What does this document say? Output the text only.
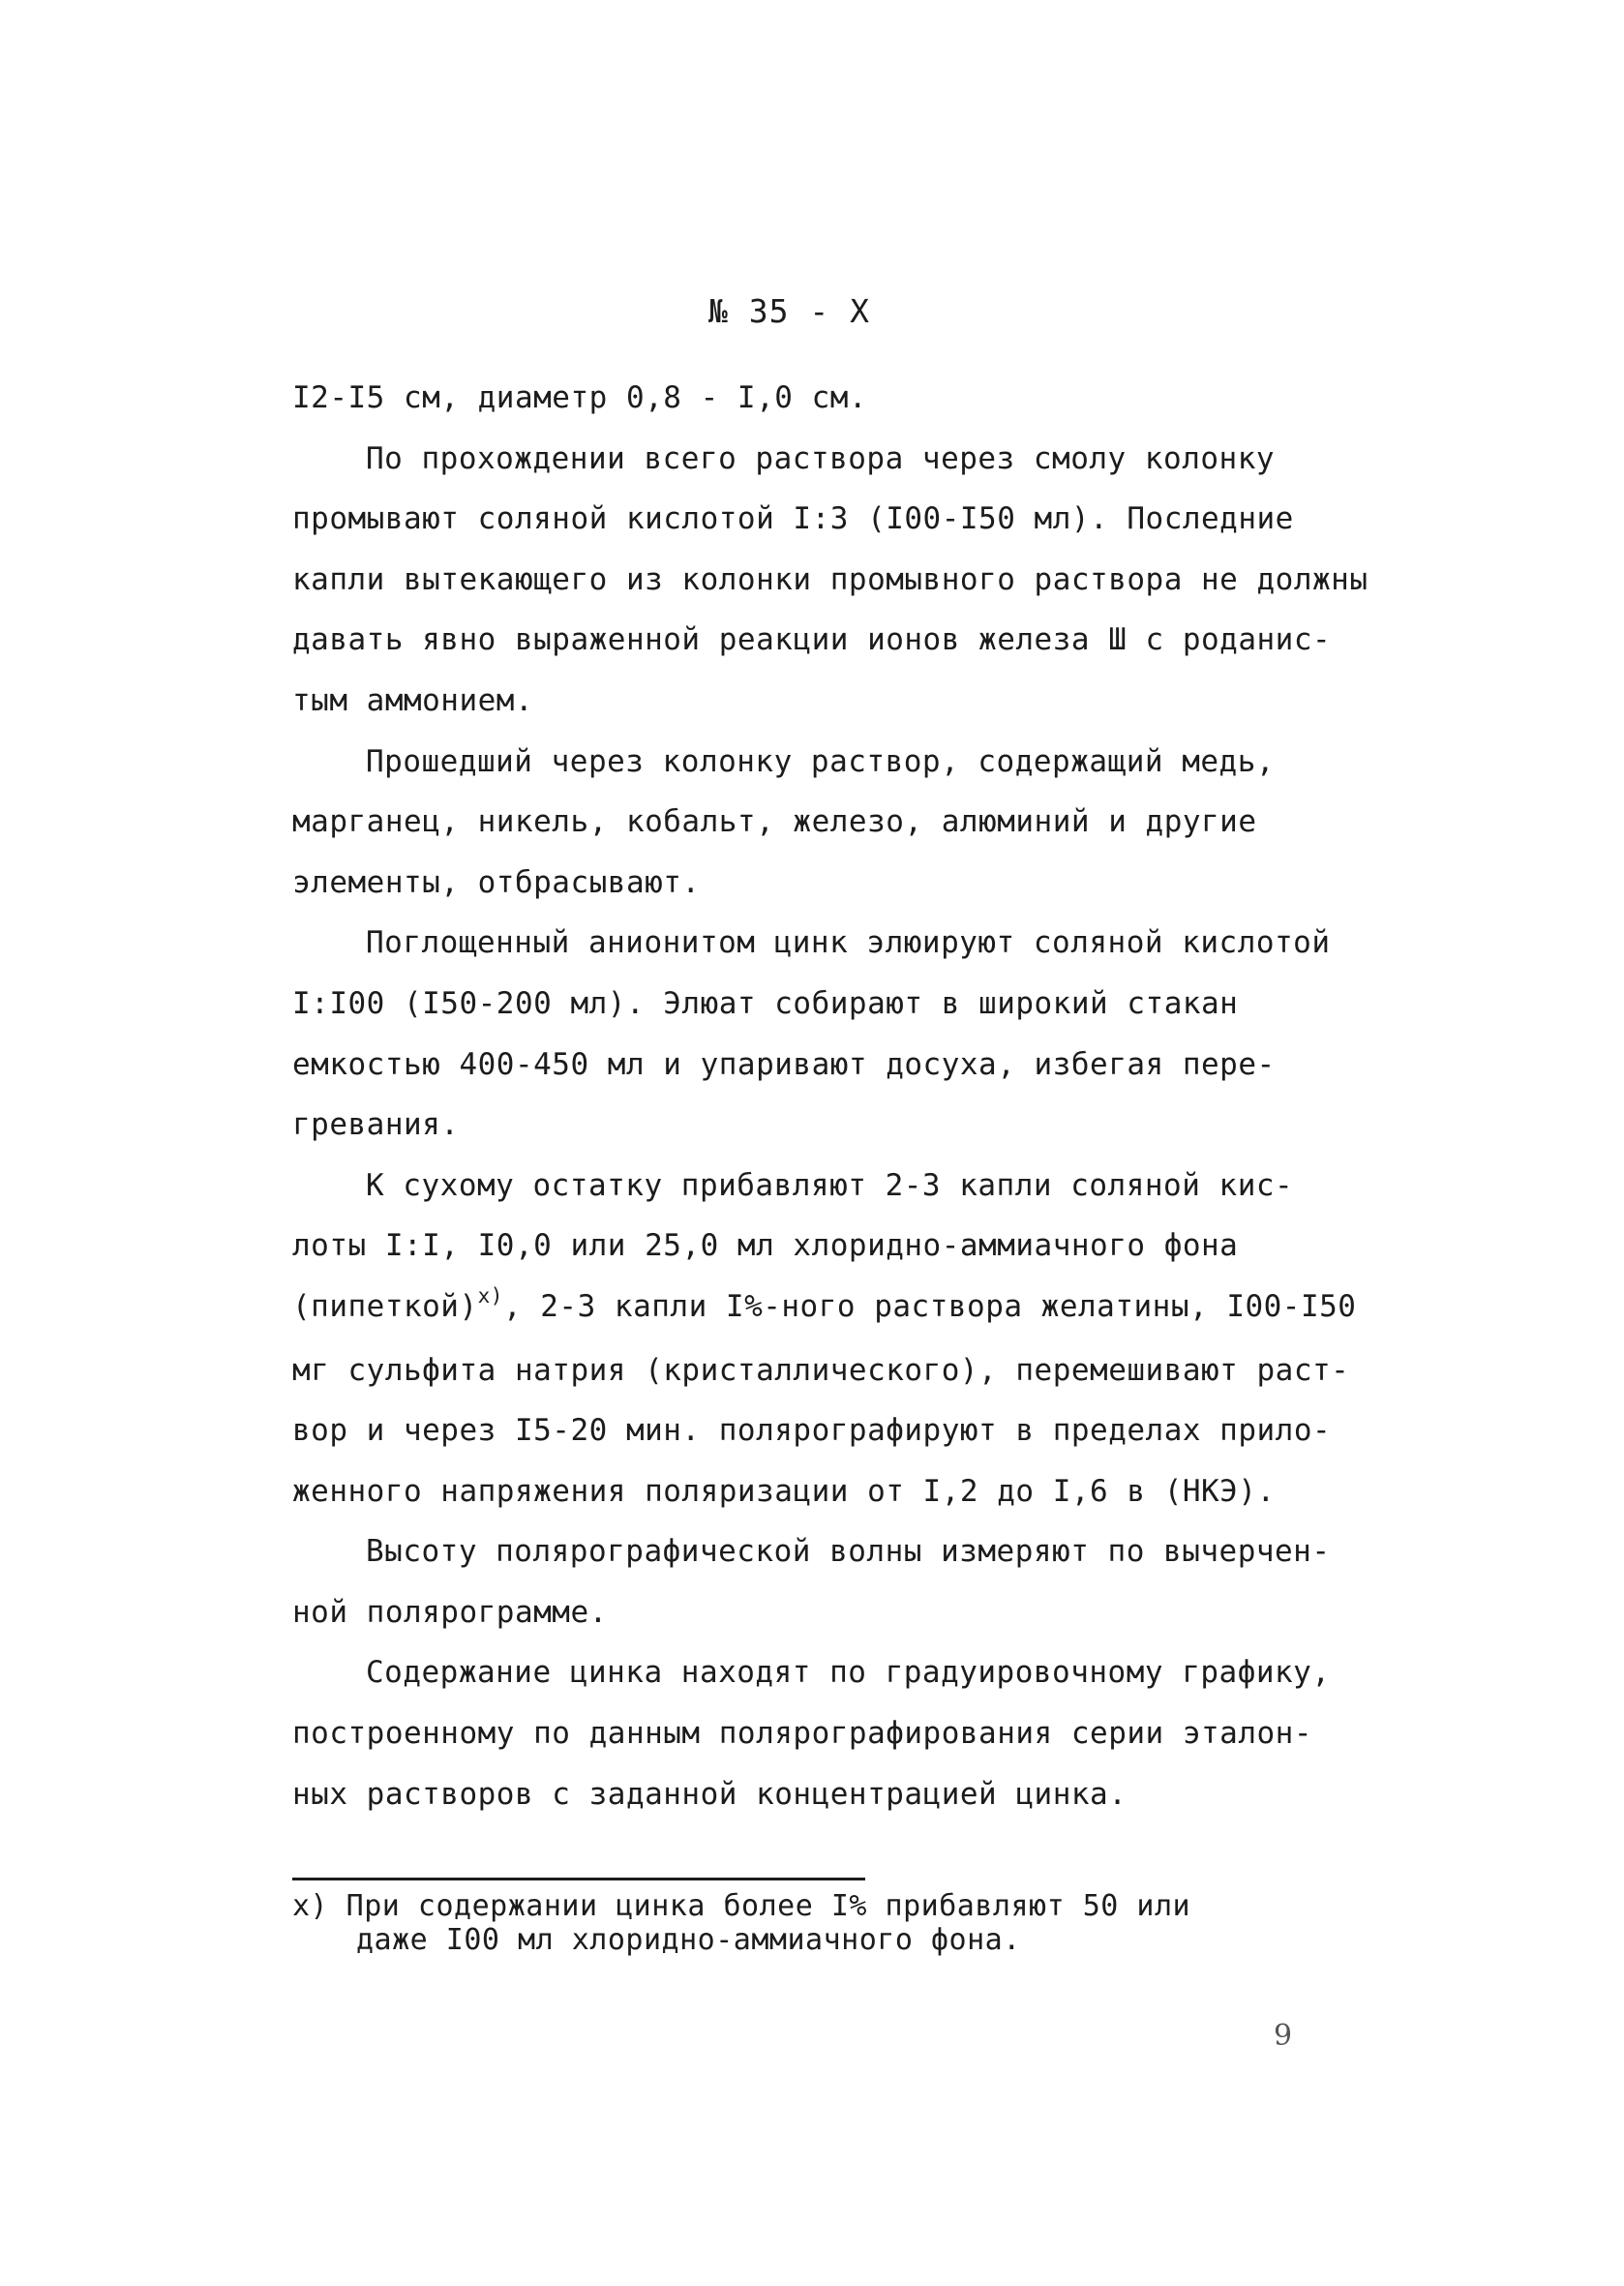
№ 35 - X
I2-I5 см, диаметр 0,8 - I,0 см.
По прохождении всего раствора через смолу колонку
промывают соляной кислотой I:3 (I00-I50 мл). Последние
капли вытекающего из колонки промывного раствора не должны
давать явно выраженной реакции ионов железа Ш с роданис-
тым аммонием.
Прошедший через колонку раствор, содержащий медь,
марганец, никель, кобальт, железо, алюминий и другие
элементы, отбрасывают.
Поглощенный анионитом цинк элюируют соляной кислотой
I:I00 (I50-200 мл). Элюат собирают в широкий стакан
емкостью 400-450 мл и упаривают досуха, избегая пере-
гревания.
К сухому остатку прибавляют 2-3 капли соляной кис-
лоты I:I, I0,0 или 25,0 мл хлоридно-аммиачного фона
(пипеткой)$^{x)}$, 2-3 капли I%-ного раствора желатины, I00-I50
мг сульфита натрия (кристаллического), перемешивают раст-
вор и через I5-20 мин. полярографируют в пределах прило-
женного напряжения поляризации от I,2 до I,6 в (НКЭ).
Высоту полярографической волны измеряют по вычерчен-
ной полярограмме.
Содержание цинка находят по градуировочному графику,
построенному по данным полярографирования серии эталон-
ных растворов с заданной концентрацией цинка.
x) При содержании цинка более I% прибавляют 50 или
даже I00 мл хлоридно-аммиачного фона.
9
